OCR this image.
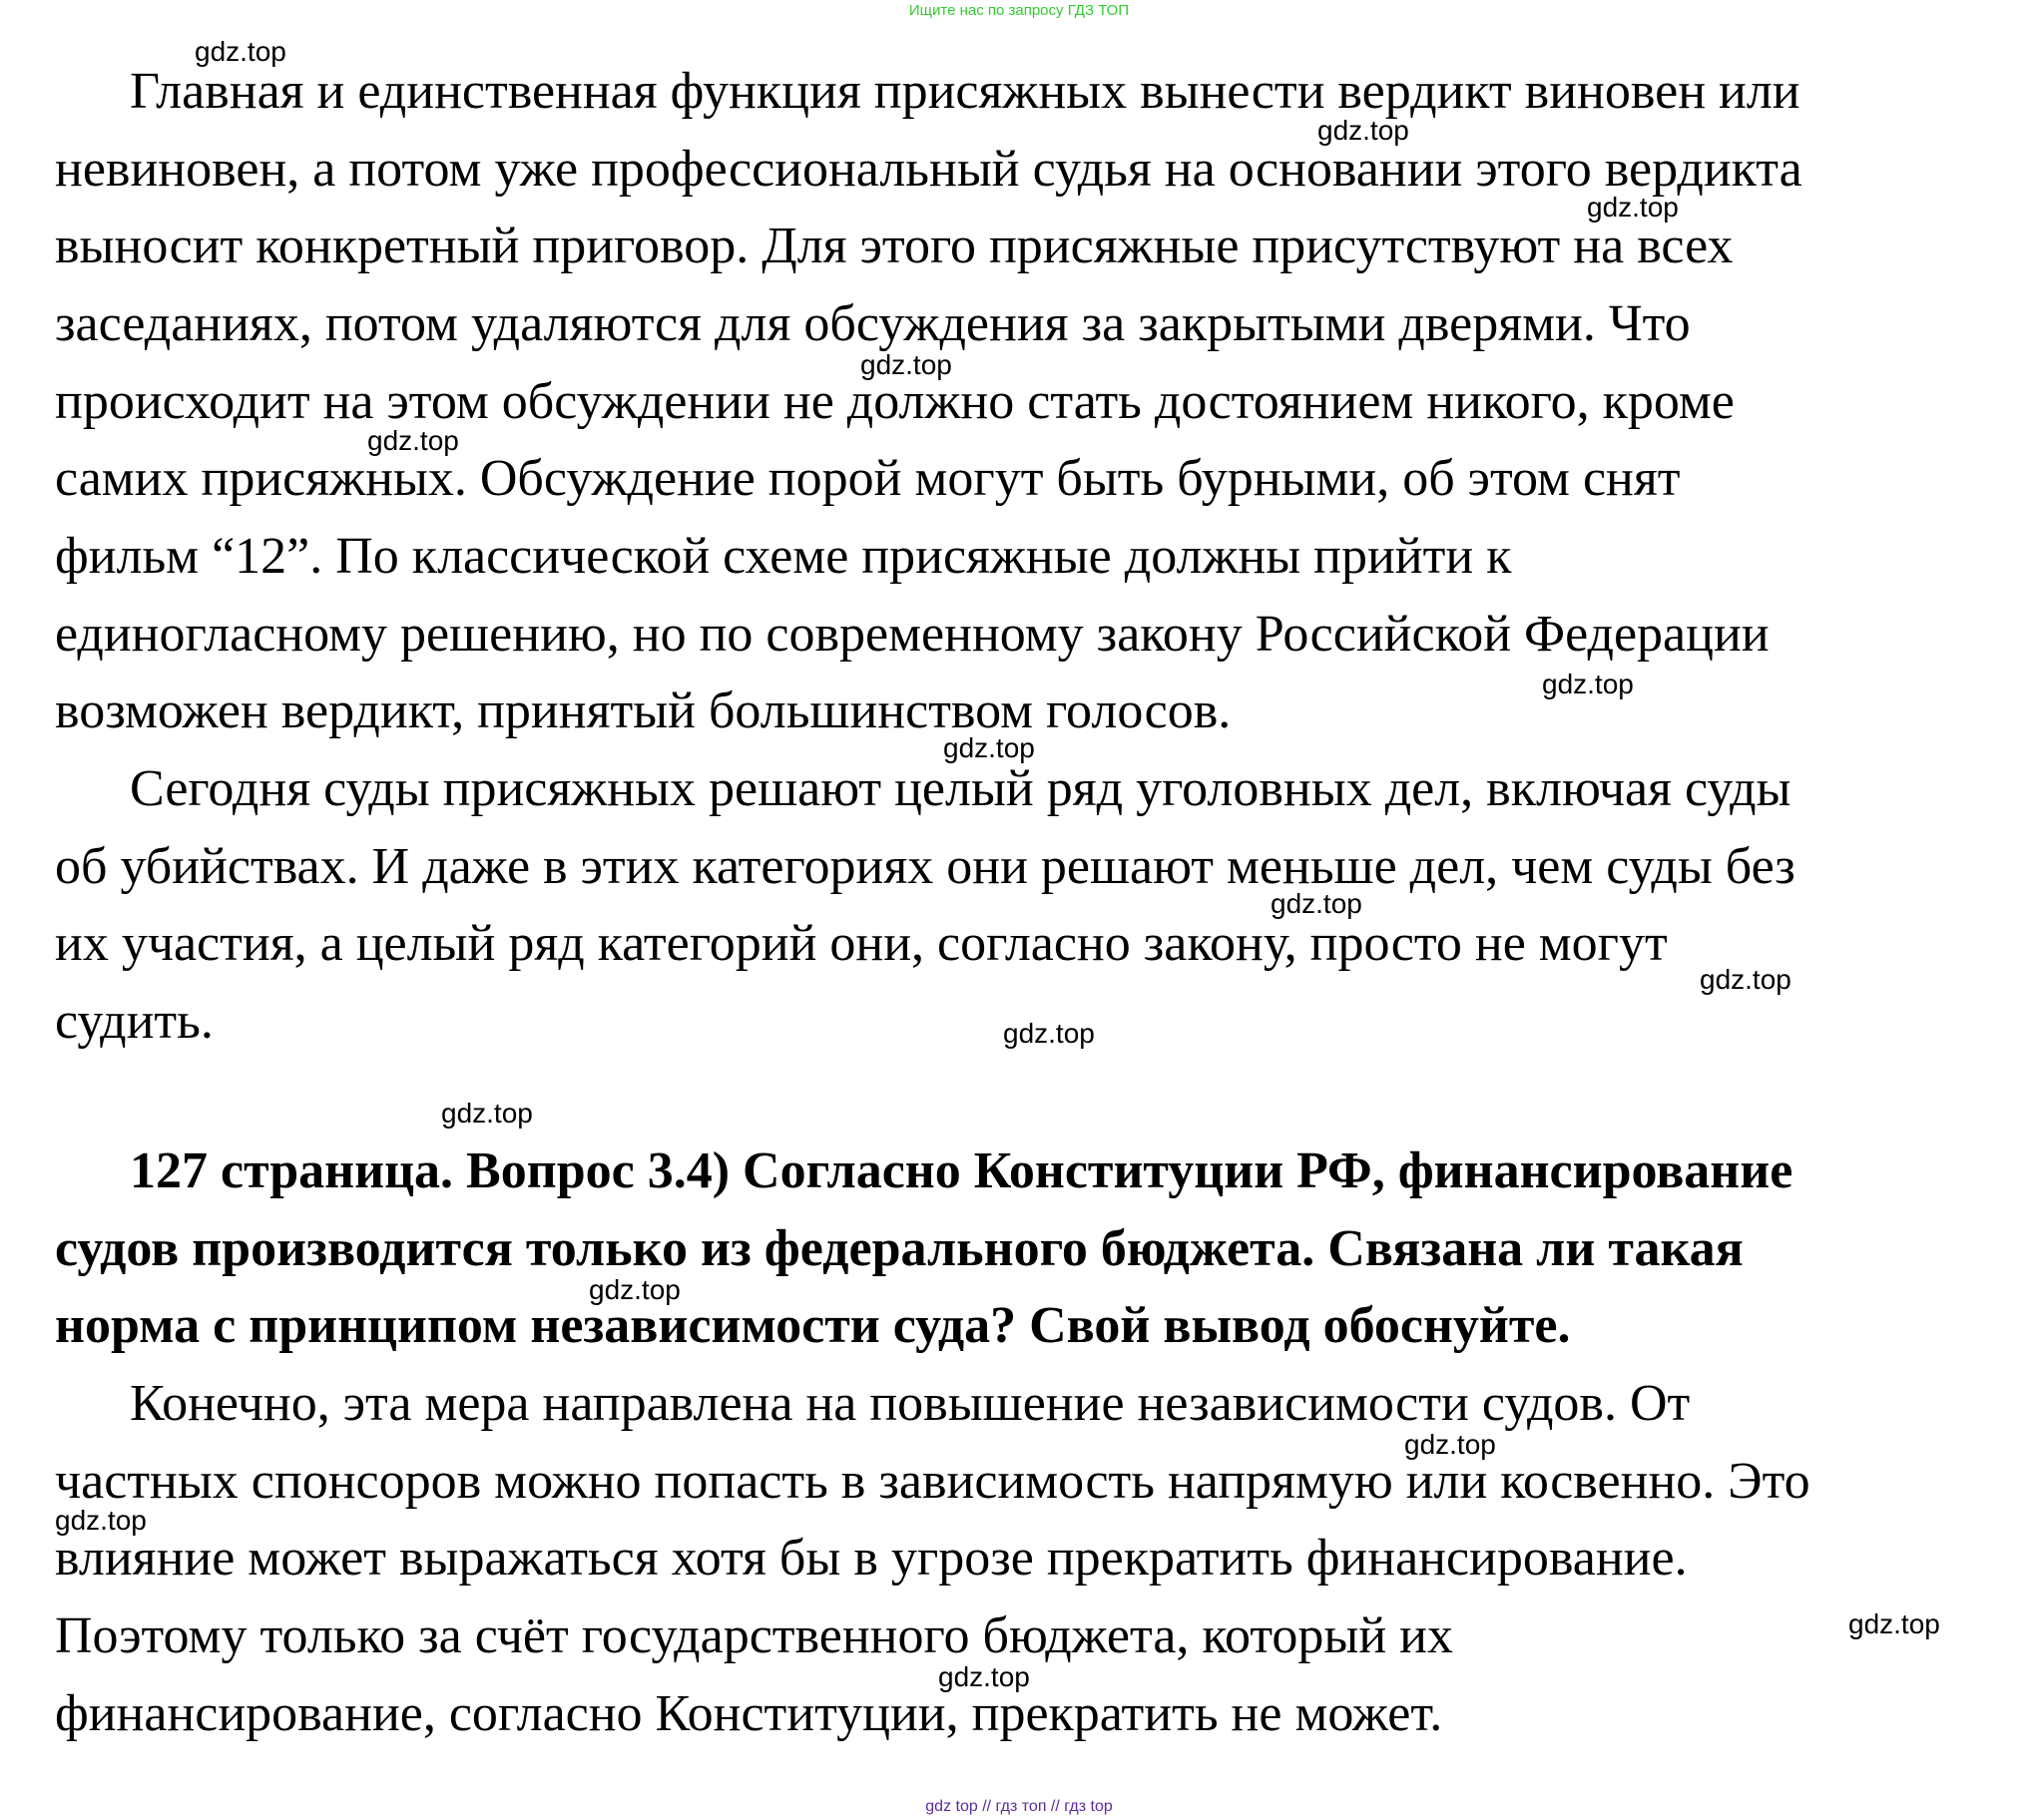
Ищите нас по запросу ГДЗ ТОП
Главная и единственная функция присяжных вынести вердикт виновен или
невиновен, а потом уже профессиональный судья на основании этого вердикта
выносит конкретный приговор. Для этого присяжные присутствуют на всех
заседаниях, потом удаляются для обсуждения за закрытыми дверями. Что
происходит на этом обсуждении не должно стать достоянием никого, кроме
самих присяжных. Обсуждение порой могут быть бурными, об этом снят
фильм “12”. По классической схеме присяжные должны прийти к
единогласному решению, но по современному закону Российской Федерации
возможен вердикт, принятый большинством голосов.
Сегодня суды присяжных решают целый ряд уголовных дел, включая суды
об убийствах. И даже в этих категориях они решают меньше дел, чем суды без
их участия, а целый ряд категорий они, согласно закону, просто не могут
судить.
127 страница. Вопрос 3.4) Согласно Конституции РФ, финансирование
судов производится только из федерального бюджета. Связана ли такая
норма с принципом независимости суда? Свой вывод обоснуйте.
Конечно, эта мера направлена на повышение независимости судов. От
частных спонсоров можно попасть в зависимость напрямую или косвенно. Это
влияние может выражаться хотя бы в угрозе прекратить финансирование.
Поэтому только за счёт государственного бюджета, который их
финансирование, согласно Конституции, прекратить не может.
gdz.top
gdz.top
gdz.top
gdz.top
gdz.top
gdz.top
gdz.top
gdz.top
gdz.top
gdz.top
gdz.top
gdz.top
gdz.top
gdz.top
gdz.top
gdz.top
gdz top // гдз топ // гдз top
